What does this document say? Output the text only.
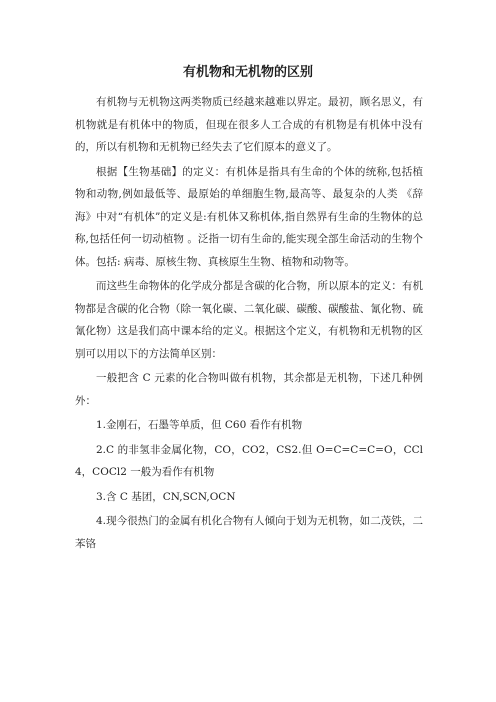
有机物和无机物的区别

有机物与无机物这两类物质已经越来越难以界定。最初，顾名思义，有机物就是有机体中的物质，但现在很多人工合成的有机物是有机体中没有的，所以有机物和无机物已经失去了它们原本的意义了。

根据【生物基础】的定义：有机体是指具有生命的个体的统称,包括植物和动物,例如最低等、最原始的单细胞生物,最高等、最复杂的人类 《辞海》中对“有机体”的定义是:有机体又称机体,指自然界有生命的生物体的总称,包括任何一切动植物 。泛指一切有生命的,能实现全部生命活动的生物个体。包括: 病毒、原核生物、真核原生生物、植物和动物等。

而这些生命物体的化学成分都是含碳的化合物，所以原本的定义：有机物都是含碳的化合物（除一氧化碳、二氧化碳、碳酸、碳酸盐、氰化物、硫氰化物）这是我们高中课本给的定义。根据这个定义，有机物和无机物的区别可以用以下的方法简单区别：

一般把含 C 元素的化合物叫做有机物，其余都是无机物，下述几种例外：

1.金刚石，石墨等单质，但 C60 看作有机物

2.C 的非氢非金属化物，CO，CO2，CS2.但 O=C=C=C=O，CCl4，COCl2 一般为看作有机物

3.含 C 基团，CN,SCN,OCN

4.现今很热门的金属有机化合物有人倾向于划为无机物，如二茂铁，二苯铬
